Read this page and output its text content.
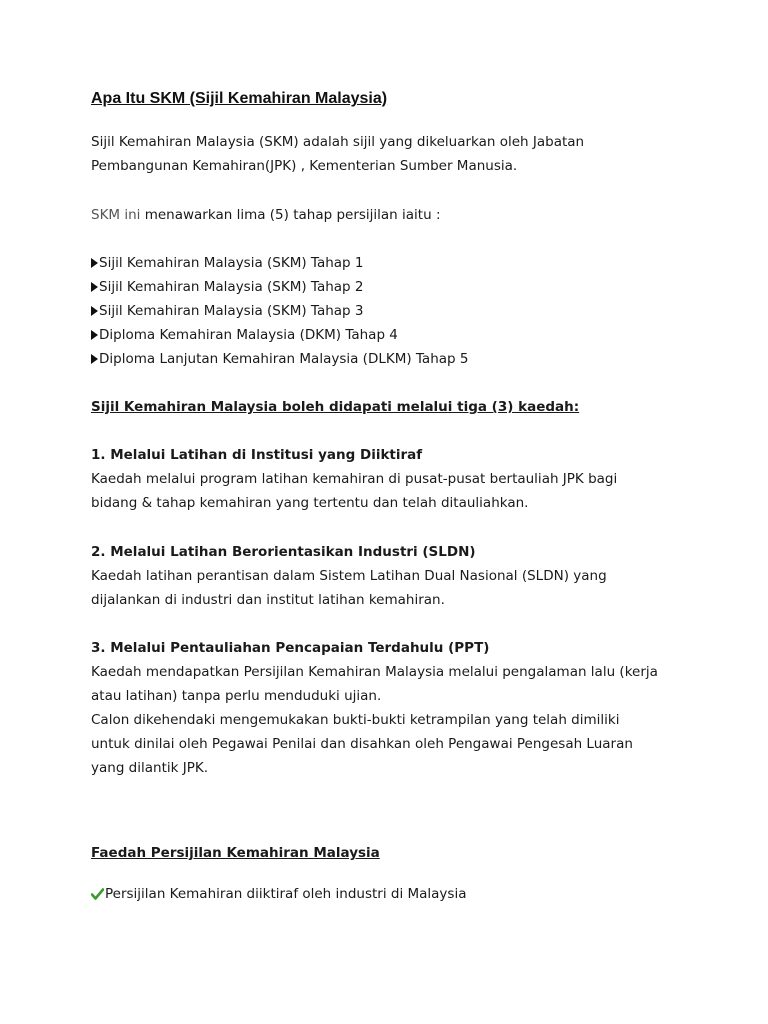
Apa Itu SKM (Sijil Kemahiran Malaysia)
Sijil Kemahiran Malaysia (SKM) adalah sijil yang dikeluarkan oleh Jabatan
Pembangunan Kemahiran(JPK) , Kementerian Sumber Manusia.
SKM ini menawarkan lima (5) tahap persijilan iaitu :
Sijil Kemahiran Malaysia (SKM) Tahap 1
Sijil Kemahiran Malaysia (SKM) Tahap 2
Sijil Kemahiran Malaysia (SKM) Tahap 3
Diploma Kemahiran Malaysia (DKM) Tahap 4
Diploma Lanjutan Kemahiran Malaysia (DLKM) Tahap 5
Sijil Kemahiran Malaysia boleh didapati melalui tiga (3) kaedah:
1. Melalui Latihan di Institusi yang Diiktiraf
Kaedah melalui program latihan kemahiran di pusat-pusat bertauliah JPK bagi
bidang & tahap kemahiran yang tertentu dan telah ditauliahkan.
2. Melalui Latihan Berorientasikan Industri (SLDN)
Kaedah latihan perantisan dalam Sistem Latihan Dual Nasional (SLDN) yang
dijalankan di industri dan institut latihan kemahiran.
3. Melalui Pentauliahan Pencapaian Terdahulu (PPT)
Kaedah mendapatkan Persijilan Kemahiran Malaysia melalui pengalaman lalu (kerja
atau latihan) tanpa perlu menduduki ujian.
Calon dikehendaki mengemukakan bukti-bukti ketrampilan yang telah dimiliki
untuk dinilai oleh Pegawai Penilai dan disahkan oleh Pengawai Pengesah Luaran
yang dilantik JPK.
Faedah Persijilan Kemahiran Malaysia
Persijilan Kemahiran diiktiraf oleh industri di Malaysia
